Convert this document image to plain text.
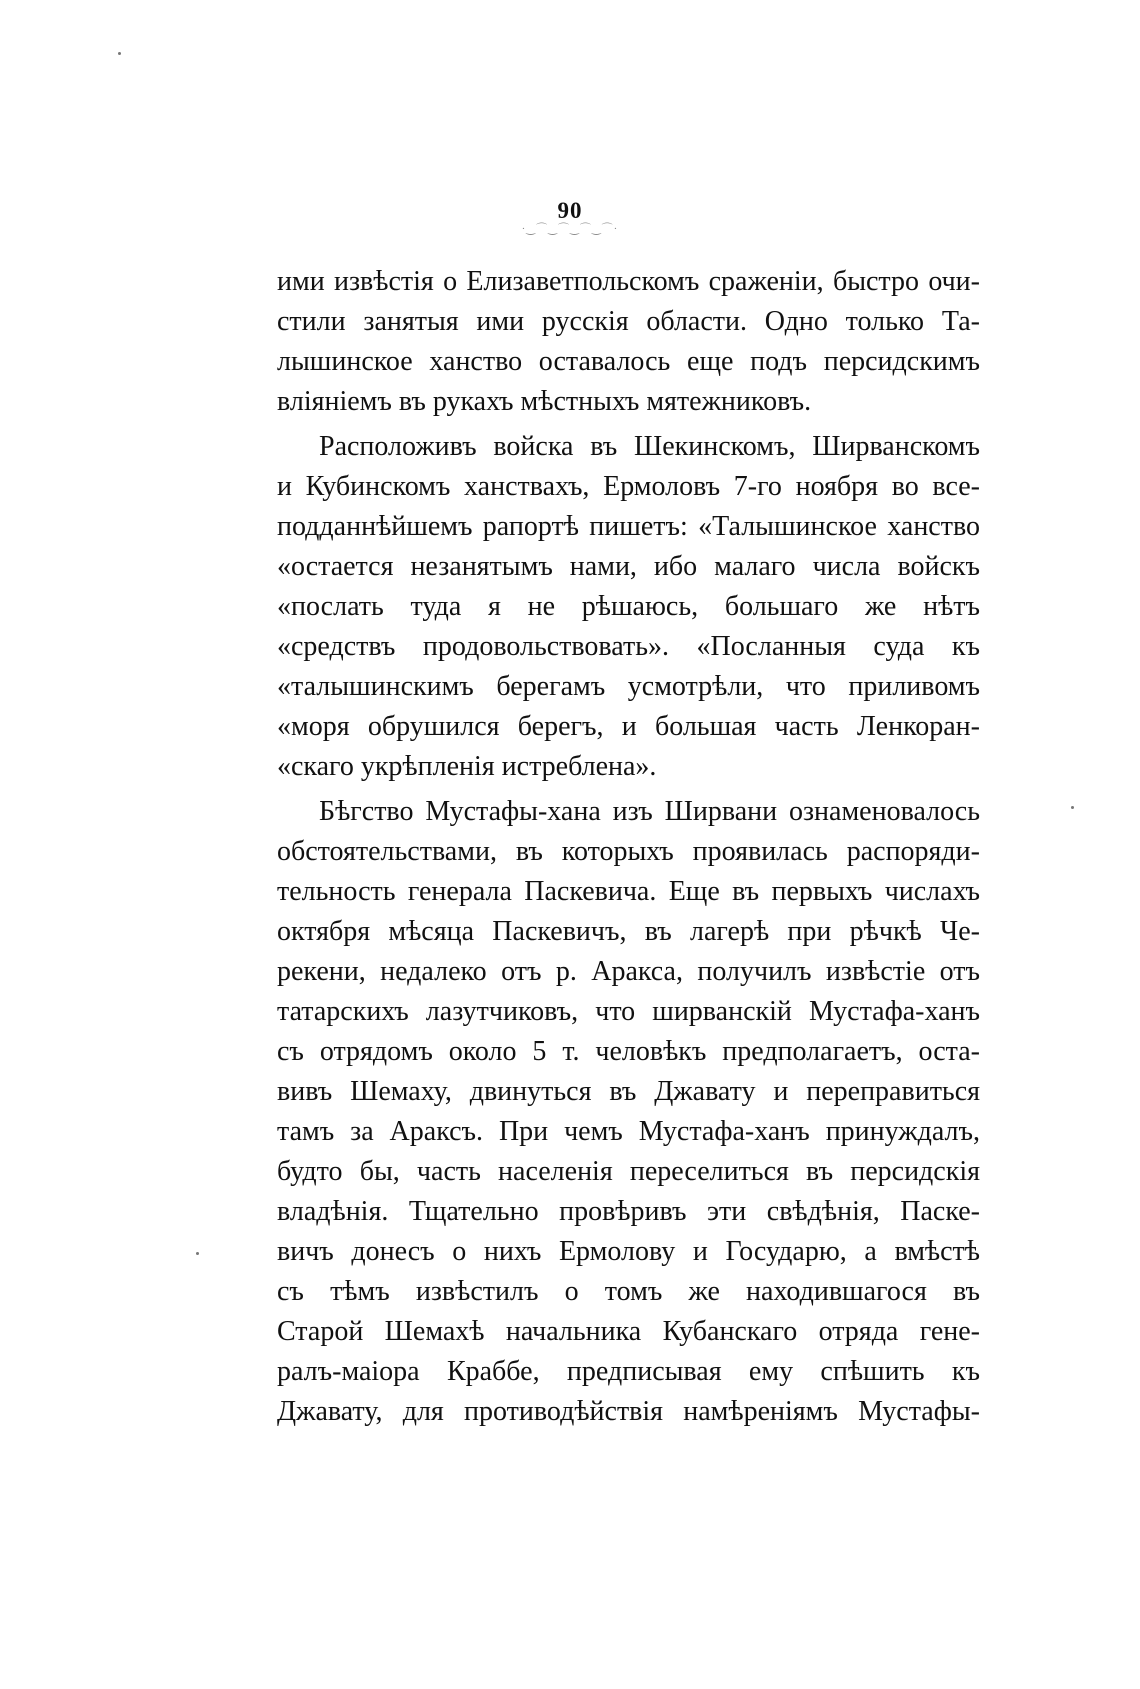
90
·‿⌒‿⌒‿⌒‿⌒·
ими извѣстія о Елизаветпольскомъ сраженіи, быстро очи-
стили занятыя ими русскія области. Одно только Та-
лышинское ханство оставалось еще подъ персидскимъ
вліяніемъ въ рукахъ мѣстныхъ мятежниковъ.
Расположивъ войска въ Шекинскомъ, Ширванскомъ
и Кубинскомъ ханствахъ, Ермоловъ 7-го ноября во все-
подданнѣйшемъ рапортѣ пишетъ: «Талышинское ханство
«остается незанятымъ нами, ибо малаго числа войскъ
«послать туда я не рѣшаюсь, большаго же нѣтъ
«средствъ продовольствовать». «Посланныя суда къ
«талышинскимъ берегамъ усмотрѣли, что приливомъ
«моря обрушился берегъ, и большая часть Ленкоран-
«скаго укрѣпленія истреблена».
Бѣгство Мустафы-хана изъ Ширвани ознаменовалось
обстоятельствами, въ которыхъ проявилась распоряди-
тельность генерала Паскевича. Еще въ первыхъ числахъ
октября мѣсяца Паскевичъ, въ лагерѣ при рѣчкѣ Че-
рекени, недалеко отъ р. Аракса, получилъ извѣстіе отъ
татарскихъ лазутчиковъ, что ширванскій Мустафа-ханъ
съ отрядомъ около 5 т. человѣкъ предполагаетъ, оста-
вивъ Шемаху, двинуться въ Джавату и переправиться
тамъ за Араксъ. При чемъ Мустафа-ханъ принуждалъ,
будто бы, часть населенія переселиться въ персидскія
владѣнія. Тщательно провѣривъ эти свѣдѣнія, Паске-
вичъ донесъ о нихъ Ермолову и Государю, а вмѣстѣ
съ тѣмъ извѣстилъ о томъ же находившагося въ
Старой Шемахѣ начальника Кубанскаго отряда гене-
ралъ-маіора Краббе, предписывая ему спѣшить къ
Джавату, для противодѣйствія намѣреніямъ Мустафы-
